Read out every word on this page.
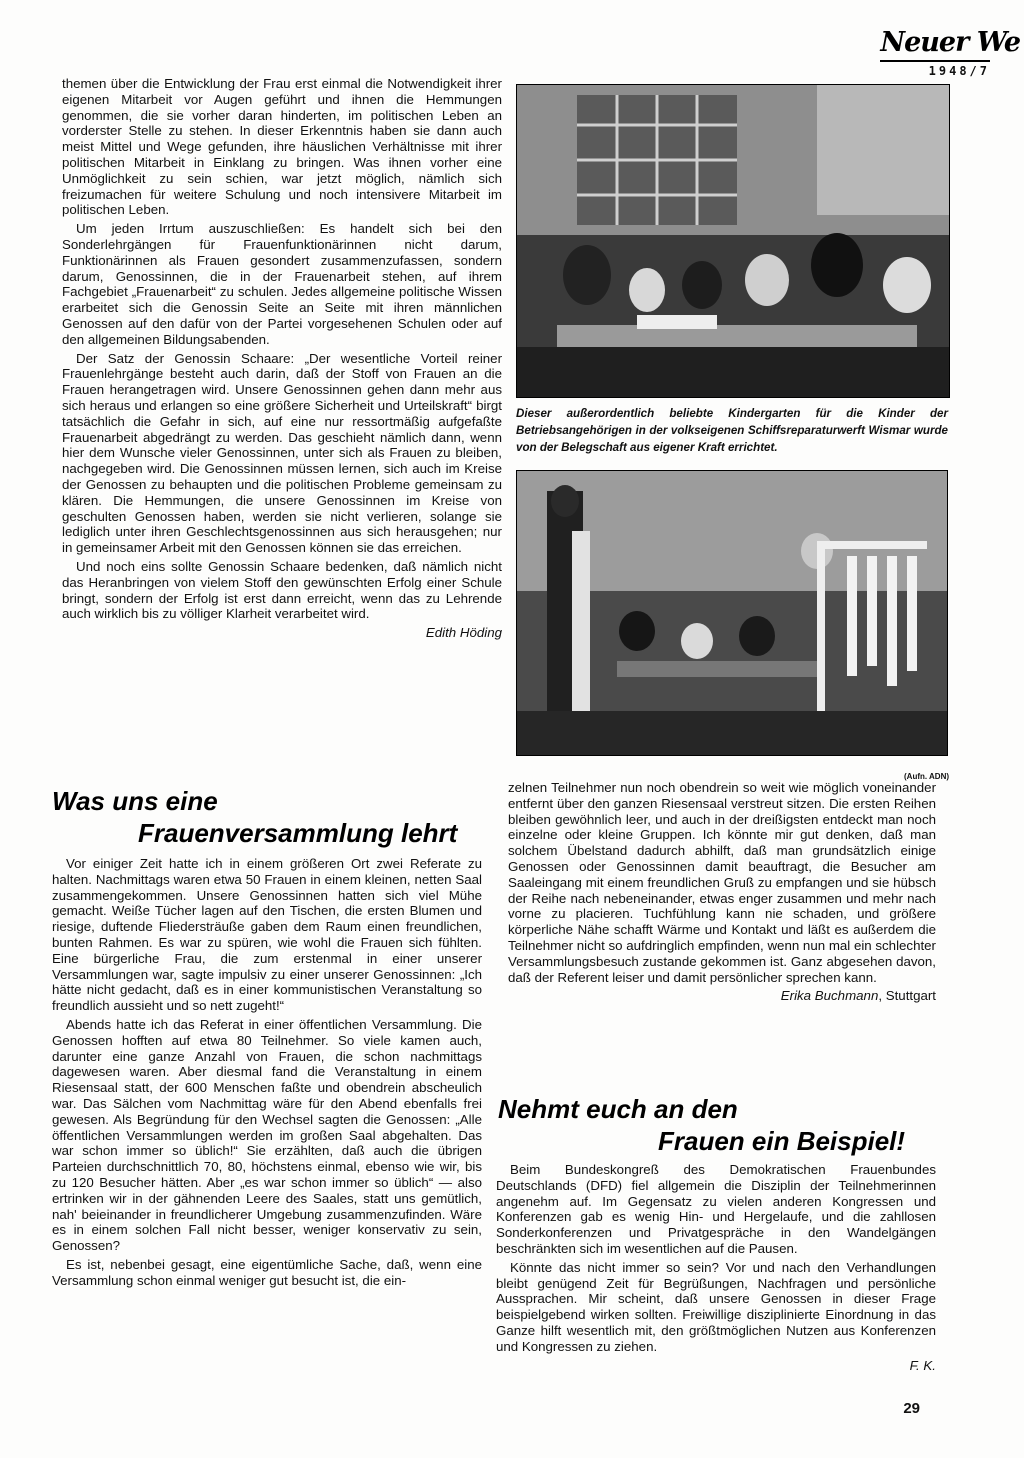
Neuer We
1948/7

themen über die Entwicklung der Frau erst einmal die Notwendigkeit ihrer eigenen Mitarbeit vor Augen geführt und ihnen die Hemmungen genommen, die sie vorher daran hinderten, im politischen Leben an vorderster Stelle zu stehen. In dieser Erkenntnis haben sie dann auch meist Mittel und Wege gefunden, ihre häuslichen Verhältnisse mit ihrer politischen Mitarbeit in Einklang zu bringen. Was ihnen vorher eine Unmöglichkeit zu sein schien, war jetzt möglich, nämlich sich freizumachen für weitere Schulung und noch intensivere Mitarbeit im politischen Leben.

Um jeden Irrtum auszuschließen: Es handelt sich bei den Sonderlehrgängen für Frauenfunktionärinnen nicht darum, Funktionärinnen als Frauen gesondert zusammenzufassen, sondern darum, Genossinnen, die in der Frauenarbeit stehen, auf ihrem Fachgebiet „Frauenarbeit“ zu schulen. Jedes allgemeine politische Wissen erarbeitet sich die Genossin Seite an Seite mit ihren männlichen Genossen auf den dafür von der Partei vorgesehenen Schulen oder auf den allgemeinen Bildungsabenden.

Der Satz der Genossin Schaare: „Der wesentliche Vorteil reiner Frauenlehrgänge besteht auch darin, daß der Stoff von Frauen an die Frauen herangetragen wird. Unsere Genossinnen gehen dann mehr aus sich heraus und erlangen so eine größere Sicherheit und Urteilskraft“ birgt tatsächlich die Gefahr in sich, auf eine nur ressortmäßig aufgefaßte Frauenarbeit abgedrängt zu werden. Das geschieht nämlich dann, wenn hier dem Wunsche vieler Genossinnen, unter sich als Frauen zu bleiben, nachgegeben wird. Die Genossinnen müssen lernen, sich auch im Kreise der Genossen zu behaupten und die politischen Probleme gemeinsam zu klären. Die Hemmungen, die unsere Genossinnen im Kreise von geschulten Genossen haben, werden sie nicht verlieren, solange sie lediglich unter ihren Geschlechtsgenossinnen aus sich herausgehen; nur in gemeinsamer Arbeit mit den Genossen können sie das erreichen.

Und noch eins sollte Genossin Schaare bedenken, daß nämlich nicht das Heranbringen von vielem Stoff den gewünschten Erfolg einer Schule bringt, sondern der Erfolg ist erst dann erreicht, wenn das zu Lehrende auch wirklich bis zu völliger Klarheit verarbeitet wird.

Edith Höding

Dieser außerordentlich beliebte Kindergarten für die Kinder der Betriebsangehörigen in der volkseigenen Schiffsreparaturwerft Wismar wurde von der Belegschaft aus eigener Kraft errichtet.
(Aufn. ADN)
Was uns eine
Frauenversammlung lehrt

Vor einiger Zeit hatte ich in einem größeren Ort zwei Referate zu halten. Nachmittags waren etwa 50 Frauen in einem kleinen, netten Saal zusammengekommen. Unsere Genossinnen hatten sich viel Mühe gemacht. Weiße Tücher lagen auf den Tischen, die ersten Blumen und riesige, duftende Fliedersträuße gaben dem Raum einen freundlichen, bunten Rahmen. Es war zu spüren, wie wohl die Frauen sich fühlten. Eine bürgerliche Frau, die zum erstenmal in einer unserer Versammlungen war, sagte impulsiv zu einer unserer Genossinnen: „Ich hätte nicht gedacht, daß es in einer kommunistischen Veranstaltung so freundlich aussieht und so nett zugeht!“

Abends hatte ich das Referat in einer öffentlichen Versammlung. Die Genossen hofften auf etwa 80 Teilnehmer. So viele kamen auch, darunter eine ganze Anzahl von Frauen, die schon nachmittags dagewesen waren. Aber diesmal fand die Veranstaltung in einem Riesensaal statt, der 600 Menschen faßte und obendrein abscheulich war. Das Sälchen vom Nachmittag wäre für den Abend ebenfalls frei gewesen. Als Begründung für den Wechsel sagten die Genossen: „Alle öffentlichen Versammlungen werden im großen Saal abgehalten. Das war schon immer so üblich!“ Sie erzählten, daß auch die übrigen Parteien durchschnittlich 70, 80, höchstens einmal, ebenso wie wir, bis zu 120 Besucher hätten. Aber „es war schon immer so üblich“ — also ertrinken wir in der gähnenden Leere des Saales, statt uns gemütlich, nah' beieinander in freundlicherer Umgebung zusammenzufinden. Wäre es in einem solchen Fall nicht besser, weniger konservativ zu sein, Genossen?

Es ist, nebenbei gesagt, eine eigentümliche Sache, daß, wenn eine Versammlung schon einmal weniger gut besucht ist, die ein-

zelnen Teilnehmer nun noch obendrein so weit wie möglich voneinander entfernt über den ganzen Riesensaal verstreut sitzen. Die ersten Reihen bleiben gewöhnlich leer, und auch in der dreißigsten entdeckt man noch einzelne oder kleine Gruppen. Ich könnte mir gut denken, daß man solchem Übelstand dadurch abhilft, daß man grundsätzlich einige Genossen oder Genossinnen damit beauftragt, die Besucher am Saaleingang mit einem freundlichen Gruß zu empfangen und sie hübsch der Reihe nach nebeneinander, etwas enger zusammen und mehr nach vorne zu placieren. Tuchfühlung kann nie schaden, und größere körperliche Nähe schafft Wärme und Kontakt und läßt es außerdem die Teilnehmer nicht so aufdringlich empfinden, wenn nun mal ein schlechter Versammlungsbesuch zustande gekommen ist. Ganz abgesehen davon, daß der Referent leiser und damit persönlicher sprechen kann.

Erika Buchmann, Stuttgart

Nehmt euch an den
Frauen ein Beispiel!

Beim Bundeskongreß des Demokratischen Frauenbundes Deutschlands (DFD) fiel allgemein die Disziplin der Teilnehmerinnen angenehm auf. Im Gegensatz zu vielen anderen Kongressen und Konferenzen gab es wenig Hin- und Hergelaufe, und die zahllosen Sonderkonferenzen und Privatgespräche in den Wandelgängen beschränkten sich im wesentlichen auf die Pausen.

Könnte das nicht immer so sein? Vor und nach den Verhandlungen bleibt genügend Zeit für Begrüßungen, Nachfragen und persönliche Aussprachen. Mir scheint, daß unsere Genossen in dieser Frage beispielgebend wirken sollten. Freiwillige disziplinierte Einordnung in das Ganze hilft wesentlich mit, den größtmöglichen Nutzen aus Konferenzen und Kongressen zu ziehen.

F. K.

29
